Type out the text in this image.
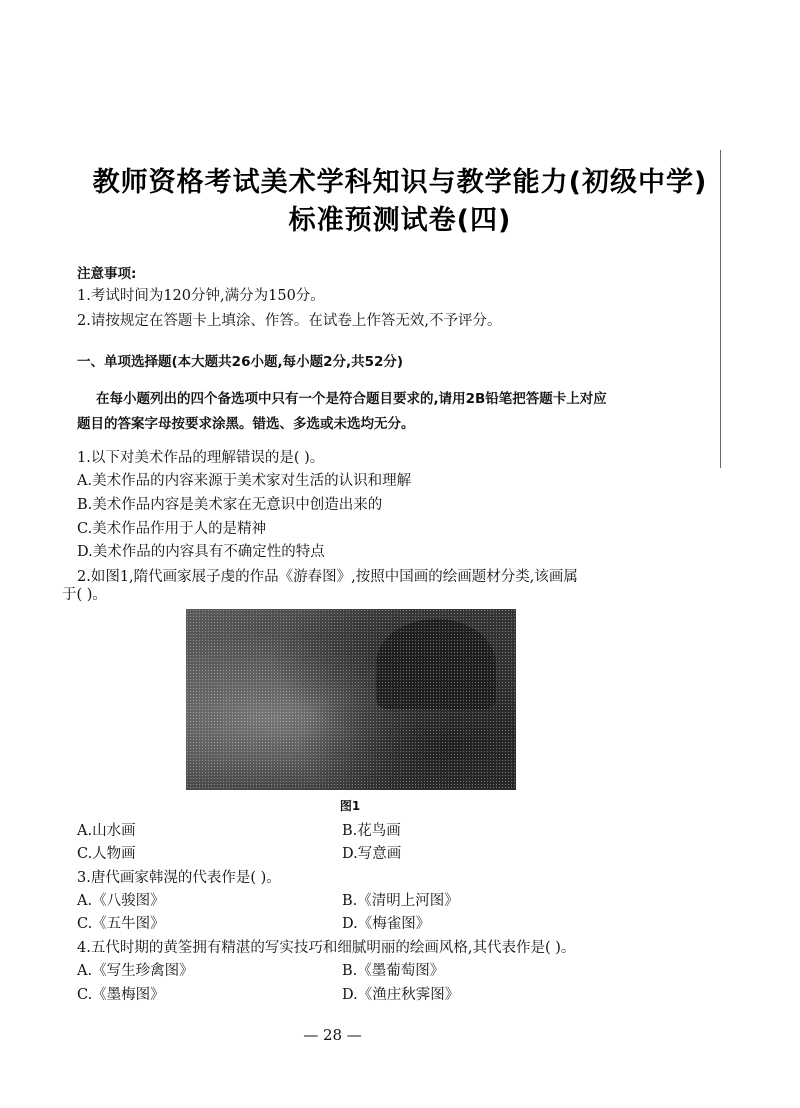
教师资格考试美术学科知识与教学能力(初级中学)
标准预测试卷(四)
注意事项:
1.考试时间为120分钟,满分为150分。
2.请按规定在答题卡上填涂、作答。在试卷上作答无效,不予评分。
一、单项选择题(本大题共26小题,每小题2分,共52分)
在每小题列出的四个备选项中只有一个是符合题目要求的,请用2B铅笔把答题卡上对应
题目的答案字母按要求涂黑。错选、多选或未选均无分。
1.以下对美术作品的理解错误的是( )。
A.美术作品的内容来源于美术家对生活的认识和理解
B.美术作品内容是美术家在无意识中创造出来的
C.美术作品作用于人的是精神
D.美术作品的内容具有不确定性的特点
2.如图1,隋代画家展子虔的作品《游春图》,按照中国画的绘画题材分类,该画属
于( )。
图1
A.山水画	B.花鸟画
C.人物画	D.写意画
3.唐代画家韩滉的代表作是( )。
A.《八骏图》	B.《清明上河图》
C.《五牛图》	D.《梅雀图》
4.五代时期的黄筌拥有精湛的写实技巧和细腻明丽的绘画风格,其代表作是( )。
A.《写生珍禽图》	B.《墨葡萄图》
C.《墨梅图》	D.《渔庄秋霁图》
— 28 —
